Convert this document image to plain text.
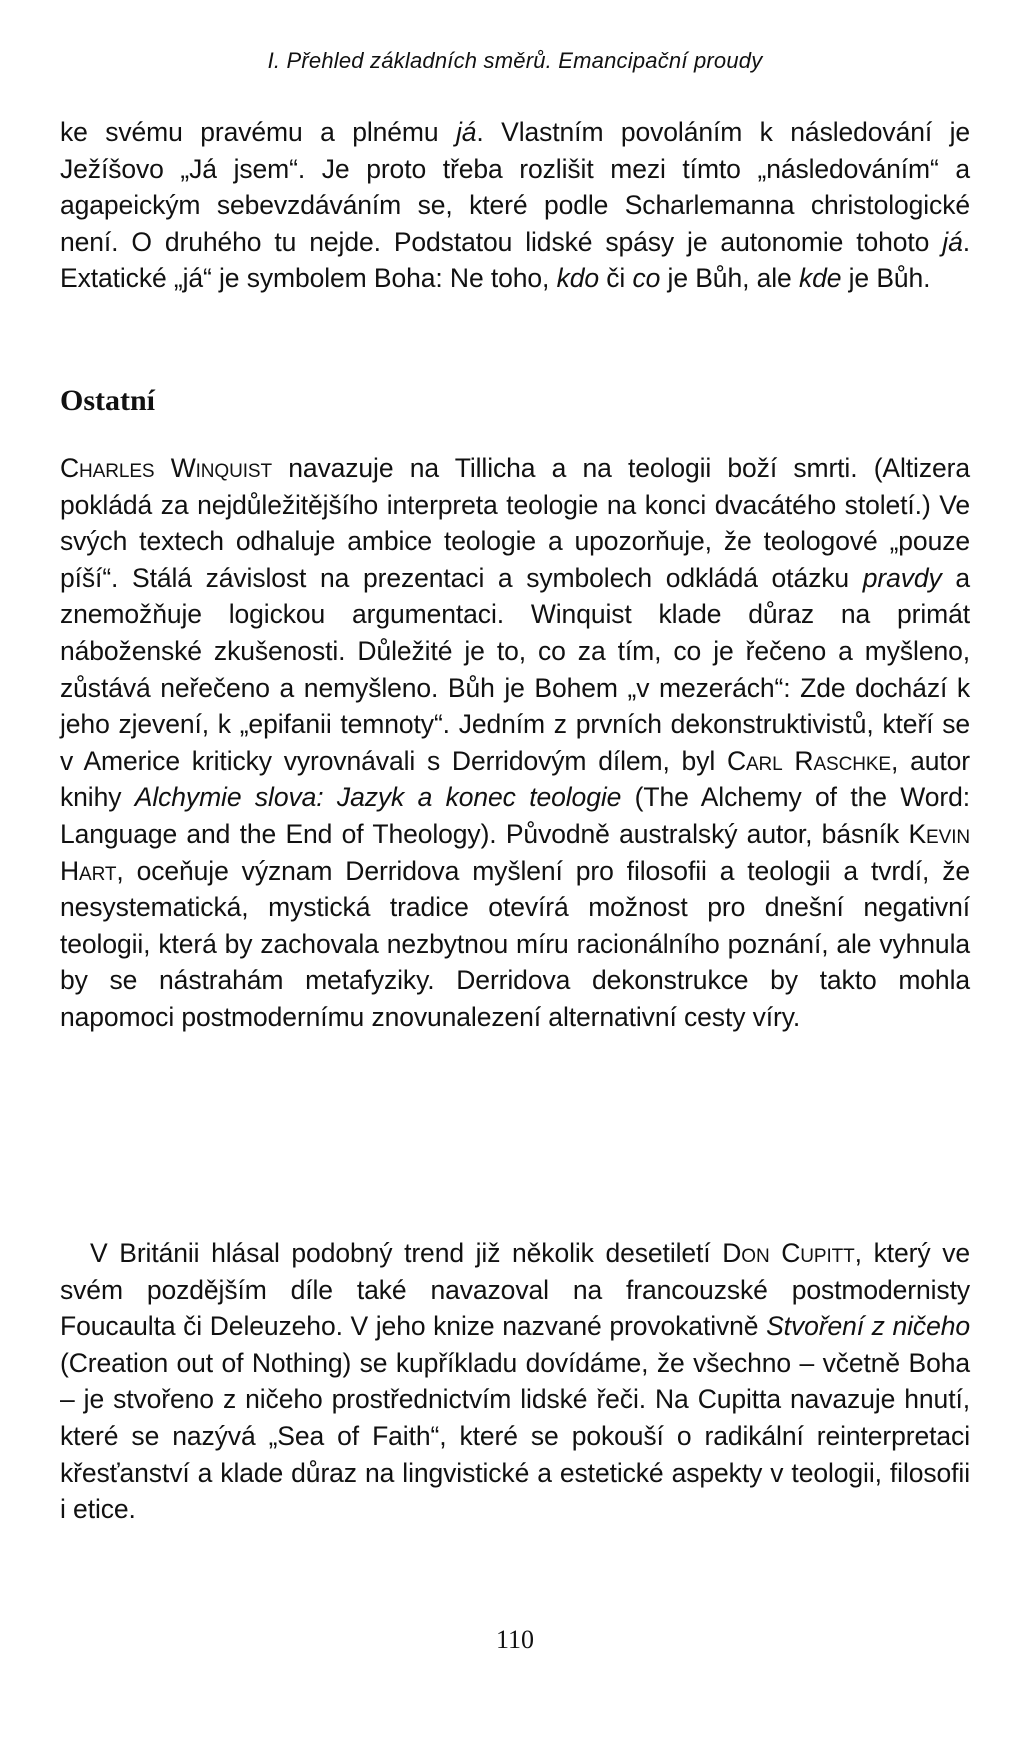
I. Přehled základních směrů. Emancipační proudy

ke svému pravému a plnému já. Vlastním povoláním k následování je Ježíšovo „Já jsem“. Je proto třeba rozlišit mezi tímto „následováním“ a agapeickým sebevzdáváním se, které podle Scharlemanna christologické není. O druhého tu nejde. Podstatou lidské spásy je autonomie tohoto já. Extatické „já“ je symbolem Boha: Ne toho, kdo či co je Bůh, ale kde je Bůh.

Ostatní

Charles Winquist navazuje na Tillicha a na teologii boží smrti. (Altizera pokládá za nejdůležitějšího interpreta teologie na konci dvacátého století.) Ve svých textech odhaluje ambice teologie a upozorňuje, že teologové „pouze píší“. Stálá závislost na prezentaci a symbolech odkládá otázku pravdy a znemožňuje logickou argumentaci. Winquist klade důraz na primát náboženské zkušenosti. Důležité je to, co za tím, co je řečeno a myšleno, zůstává neřečeno a nemyšleno. Bůh je Bohem „v mezerách“: Zde dochází k jeho zjevení, k „epifanii temnoty“. Jedním z prvních dekonstruktivistů, kteří se v Americe kriticky vyrovnávali s Derridovým dílem, byl Carl Raschke, autor knihy Alchymie slova: Jazyk a konec teologie (The Alchemy of the Word: Language and the End of Theology). Původně australský autor, básník Kevin Hart, oceňuje význam Derridova myšlení pro filosofii a teologii a tvrdí, že nesystematická, mystická tradice otevírá možnost pro dnešní negativní teologii, která by zachovala nezbytnou míru racionálního poznání, ale vyhnula by se nástrahám metafyziky. Derridova dekonstrukce by takto mohla napomoci postmodernímu znovunalezení alternativní cesty víry.

V Británii hlásal podobný trend již několik desetiletí Don Cupitt, který ve svém pozdějším díle také navazoval na francouzské postmodernisty Foucaulta či Deleuzeho. V jeho knize nazvané provokativně Stvoření z ničeho (Creation out of Nothing) se kupříkladu dovídáme, že všechno – včetně Boha – je stvořeno z ničeho prostřednictvím lidské řeči. Na Cupitta navazuje hnutí, které se nazývá „Sea of Faith“, které se pokouší o radikální reinterpretaci křesťanství a klade důraz na lingvistické a estetické aspekty v teologii, filosofii i etice.

110
